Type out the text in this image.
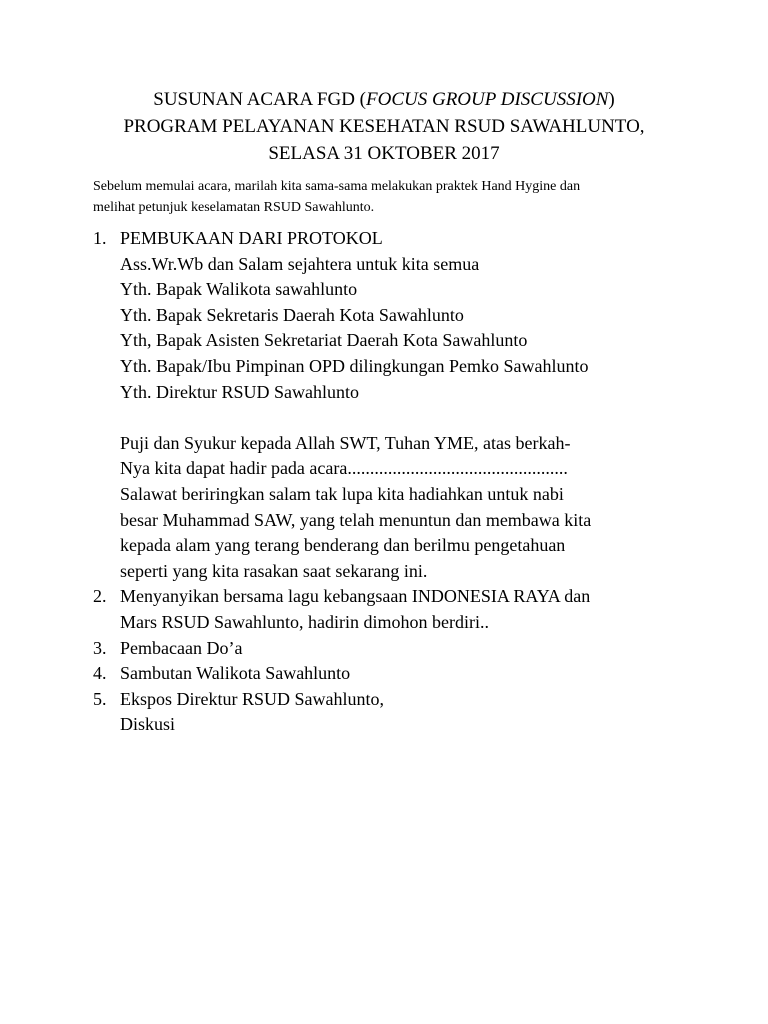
SUSUNAN ACARA FGD (FOCUS GROUP DISCUSSION)
PROGRAM PELAYANAN KESEHATAN RSUD SAWAHLUNTO,
SELASA 31 OKTOBER 2017
Sebelum memulai acara, marilah kita sama-sama melakukan praktek Hand Hygine dan
melihat petunjuk keselamatan RSUD Sawahlunto.
1. PEMBUKAAN DARI PROTOKOL
Ass.Wr.Wb dan Salam sejahtera untuk kita semua
Yth. Bapak Walikota sawahlunto
Yth. Bapak Sekretaris Daerah Kota Sawahlunto
Yth, Bapak Asisten Sekretariat Daerah Kota Sawahlunto
Yth. Bapak/Ibu Pimpinan OPD dilingkungan Pemko Sawahlunto
Yth. Direktur RSUD Sawahlunto
Puji dan Syukur kepada Allah SWT, Tuhan YME, atas berkah-
Nya kita dapat hadir pada acara.................................................
Salawat beriringkan salam tak lupa kita hadiahkan untuk nabi
besar Muhammad SAW, yang telah menuntun dan membawa kita
kepada alam yang terang benderang dan berilmu pengetahuan
seperti yang kita rasakan saat sekarang ini.
2. Menyanyikan bersama lagu kebangsaan INDONESIA RAYA dan
Mars RSUD Sawahlunto, hadirin dimohon berdiri..
3. Pembacaan Do’a
4. Sambutan Walikota Sawahlunto
5. Ekspos Direktur RSUD Sawahlunto,
Diskusi
